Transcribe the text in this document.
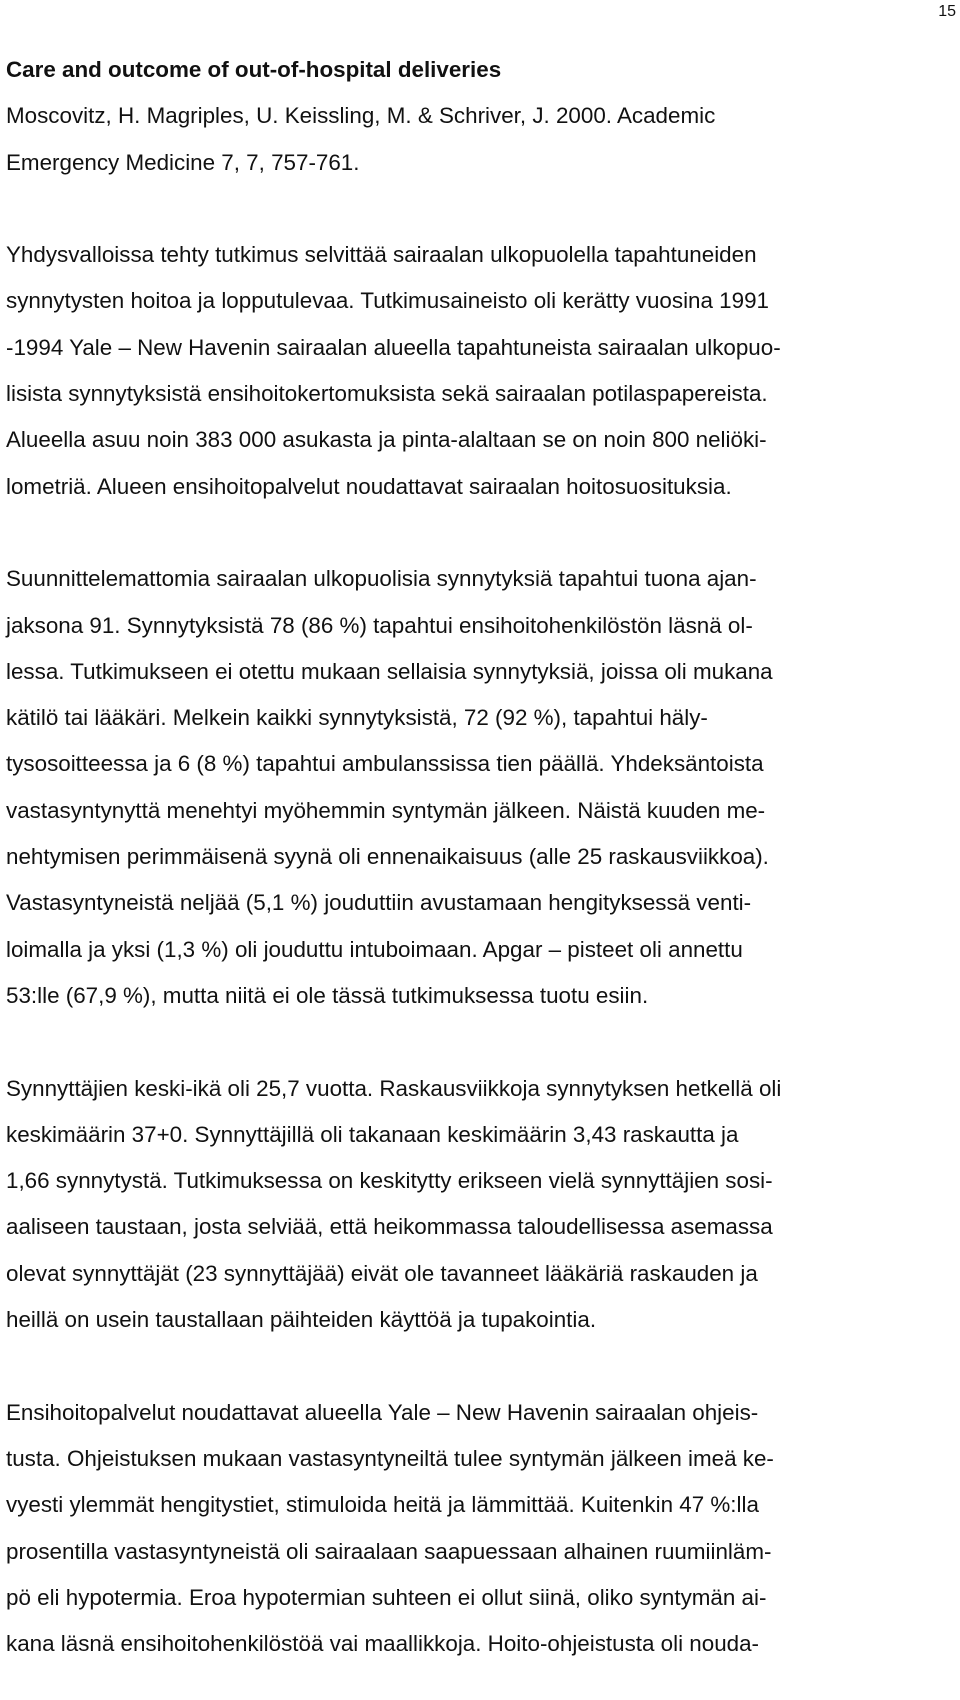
15
Care and outcome of out-of-hospital deliveries
Moscovitz, H. Magriples, U. Keissling, M. & Schriver, J. 2000. Academic
Emergency Medicine 7, 7, 757-761.
Yhdysvalloissa tehty tutkimus selvittää sairaalan ulkopuolella tapahtuneiden
synnytysten hoitoa ja lopputulevaa. Tutkimusaineisto oli kerätty vuosina 1991
-1994 Yale – New Havenin sairaalan alueella tapahtuneista sairaalan ulkopuo-
lisista synnytyksistä ensihoitokertomuksista sekä sairaalan potilaspapereista.
Alueella asuu noin 383 000 asukasta ja pinta-alaltaan se on noin 800 neliöki-
lometriä. Alueen ensihoitopalvelut noudattavat sairaalan hoitosuosituksia.
Suunnittelemattomia sairaalan ulkopuolisia synnytyksiä tapahtui tuona ajan-
jaksona 91. Synnytyksistä 78 (86 %) tapahtui ensihoitohenkilöstön läsnä ol-
lessa. Tutkimukseen ei otettu mukaan sellaisia synnytyksiä, joissa oli mukana
kätilö tai lääkäri. Melkein kaikki synnytyksistä, 72 (92 %), tapahtui häly-
tysosoitteessa ja 6 (8 %) tapahtui ambulanssissa tien päällä. Yhdeksäntoista
vastasyntynyttä menehtyi myöhemmin syntymän jälkeen. Näistä kuuden me-
nehtymisen perimmäisenä syynä oli ennenaikaisuus (alle 25 raskausviikkoa).
Vastasyntyneistä neljää (5,1 %) jouduttiin avustamaan hengityksessä venti-
loimalla ja yksi (1,3 %) oli jouduttu intuboimaan. Apgar – pisteet oli annettu
53:lle (67,9 %), mutta niitä ei ole tässä tutkimuksessa tuotu esiin.
Synnyttäjien keski-ikä oli 25,7 vuotta. Raskausviikkoja synnytyksen hetkellä oli
keskimäärin 37+0. Synnyttäjillä oli takanaan keskimäärin 3,43 raskautta ja
1,66 synnytystä. Tutkimuksessa on keskitytty erikseen vielä synnyttäjien sosi-
aaliseen taustaan, josta selviää, että heikommassa taloudellisessa asemassa
olevat synnyttäjät (23 synnyttäjää) eivät ole tavanneet lääkäriä raskauden ja
heillä on usein taustallaan päihteiden käyttöä ja tupakointia.
Ensihoitopalvelut noudattavat alueella Yale – New Havenin sairaalan ohjeis-
tusta. Ohjeistuksen mukaan vastasyntyneiltä tulee syntymän jälkeen imeä ke-
vyesti ylemmät hengitystiet, stimuloida heitä ja lämmittää. Kuitenkin 47 %:lla
prosentilla vastasyntyneistä oli sairaalaan saapuessaan alhainen ruumiinläm-
pö eli hypotermia. Eroa hypotermian suhteen ei ollut siinä, oliko syntymän ai-
kana läsnä ensihoitohenkilöstöä vai maallikkoja. Hoito-ohjeistusta oli nouda-
